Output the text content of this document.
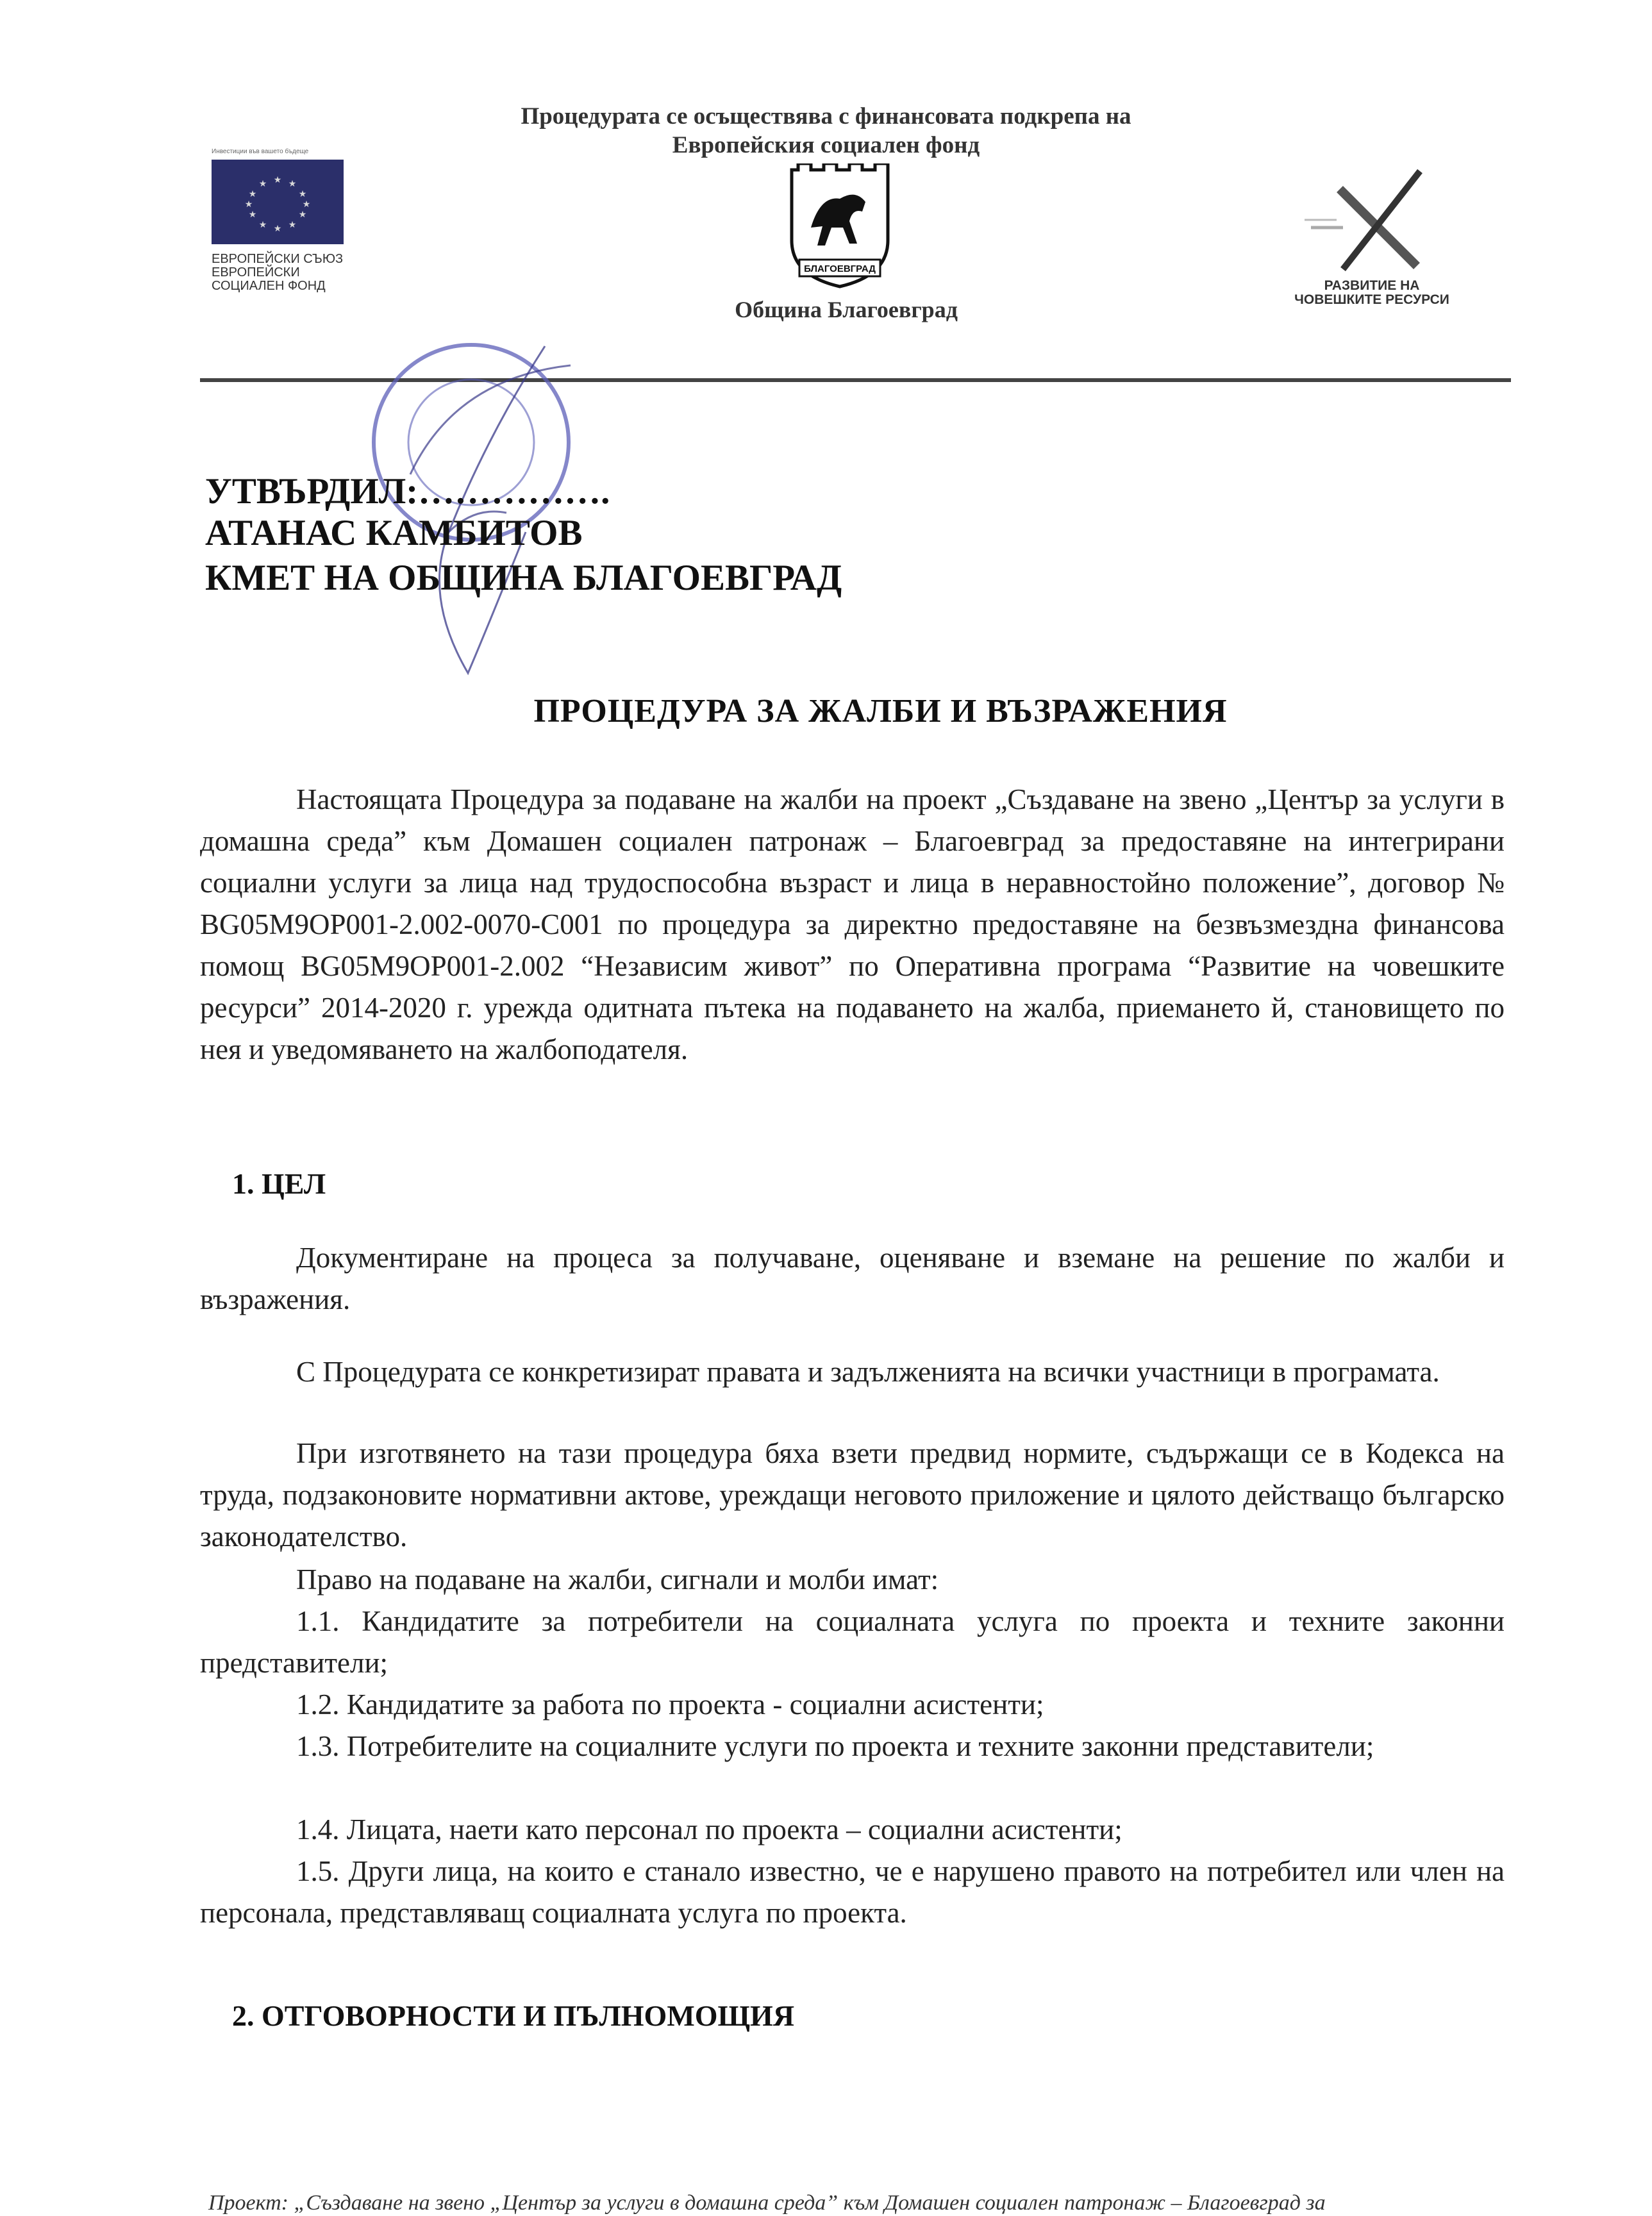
Процедурата се осъществява с финансовата подкрепа на
Европейския социален фонд
Инвестиции във вашето бъдеще
★ ★
★
★
★
★
★
★
★
★
★
★
ЕВРОПЕЙСКИ СЪЮЗ
ЕВРОПЕЙСКИ
СОЦИАЛЕН ФОНД
БЛАГОЕВГРАД
Община Благоевград
РАЗВИТИЕ НА
ЧОВЕШКИТЕ РЕСУРСИ
УТВЪРДИЛ:…………….
АТАНАС КАМБИТОВ
КМЕТ НА ОБЩИНА БЛАГОЕВГРАД
ПРОЦЕДУРА ЗА ЖАЛБИ И ВЪЗРАЖЕНИЯ
Настоящата Процедура за подаване на жалби на проект „Създаване на звено „Център за услуги в домашна среда” към Домашен социален патронаж – Благоевград за предоставяне на интегрирани социални услуги за лица над трудоспособна възраст и лица в неравностойно положение”, договор № BG05M9OP001-2.002-0070-C001 по процедура за директно предоставяне на безвъзмездна финансова помощ BG05M9OP001-2.002 “Независим живот” по Оперативна програма “Развитие на човешките ресурси” 2014-2020 г. урежда одитната пътека на подаването на жалба, приемането й, становището по нея и уведомяването на жалбоподателя.
1. ЦЕЛ
Документиране на процеса за получаване, оценяване и вземане на решение по жалби и възражения.
С Процедурата се конкретизират правата и задълженията на всички участници в програмата.
При изготвянето на тази процедура бяха взети предвид нормите, съдържащи се в Кодекса на труда, подзаконовите нормативни актове, уреждащи неговото приложение и цялото действащо българско законодателство.
Право на подаване на жалби, сигнали и молби имат:
1.1. Кандидатите за потребители на социалната услуга по проекта и техните законни представители;
1.2. Кандидатите за работа по проекта - социални асистенти;
1.3. Потребителите на социалните услуги по проекта и техните законни представители;
1.4. Лицата, наети като персонал по проекта – социални асистенти;
1.5. Други лица, на които е станало известно, че е нарушено правото на потребител или член на персонала, представляващ социалната услуга по проекта.
2. ОТГОВОРНОСТИ И ПЪЛНОМОЩИЯ
Проект: „Създаване на звено „Център за услуги в домашна среда” към Домашен социален патронаж – Благоевград за
